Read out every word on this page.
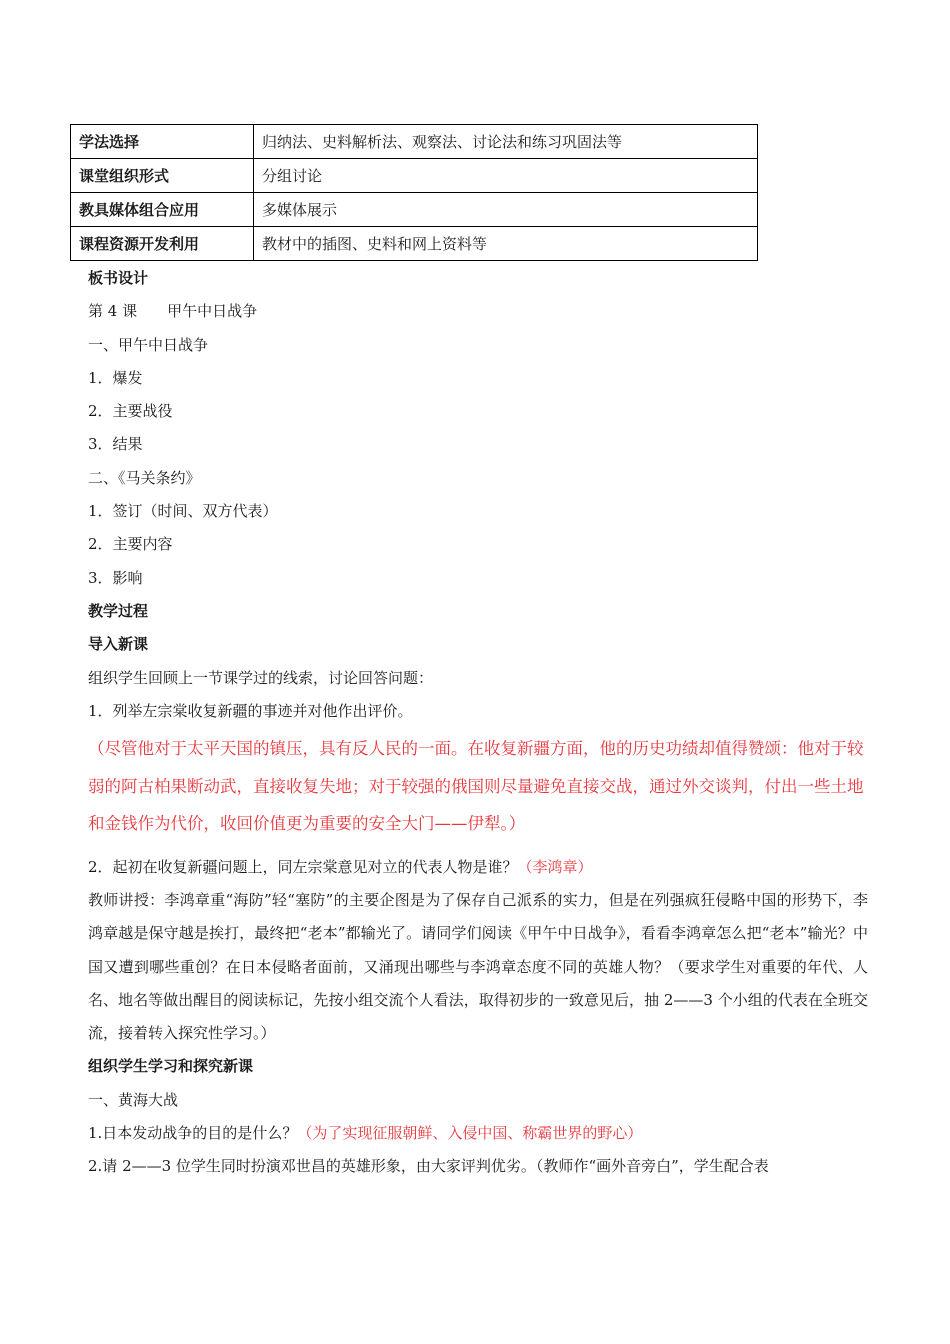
学法选择	归纳法、史料解析法、观察法、讨论法和练习巩固法等
课堂组织形式	分组讨论
教具媒体组合应用	多媒体展示
课程资源开发利用	教材中的插图、史料和网上资料等
板书设计
第 4 课　　甲午中日战争
一、甲午中日战争
1．爆发
2．主要战役
3．结果
二、《马关条约》
1．签订（时间、双方代表）
2．主要内容
3．影响
教学过程
导入新课
组织学生回顾上一节课学过的线索，讨论回答问题：
1．列举左宗棠收复新疆的事迹并对他作出评价。
（尽管他对于太平天国的镇压，具有反人民的一面。在收复新疆方面，他的历史功绩却值得赞颂：他对于较弱的阿古柏果断动武，直接收复失地；对于较强的俄国则尽量避免直接交战，通过外交谈判，付出一些土地和金钱作为代价，收回价值更为重要的安全大门——伊犁。）
2．起初在收复新疆问题上，同左宗棠意见对立的代表人物是谁？（李鸿章）
教师讲授：李鸿章重“海防”轻“塞防”的主要企图是为了保存自己派系的实力，但是在列强疯狂侵略中国的形势下，李鸿章越是保守越是挨打，最终把“老本”都输光了。请同学们阅读《甲午中日战争》，看看李鸿章怎么把“老本”输光？中国又遭到哪些重创？在日本侵略者面前，又涌现出哪些与李鸿章态度不同的英雄人物？（要求学生对重要的年代、人名、地名等做出醒目的阅读标记，先按小组交流个人看法，取得初步的一致意见后，抽 2——3 个小组的代表在全班交流，接着转入探究性学习。）
组织学生学习和探究新课
一、黄海大战
1.日本发动战争的目的是什么？（为了实现征服朝鲜、入侵中国、称霸世界的野心）
2.请 2——3 位学生同时扮演邓世昌的英雄形象，由大家评判优劣。（教师作“画外音旁白”，学生配合表
